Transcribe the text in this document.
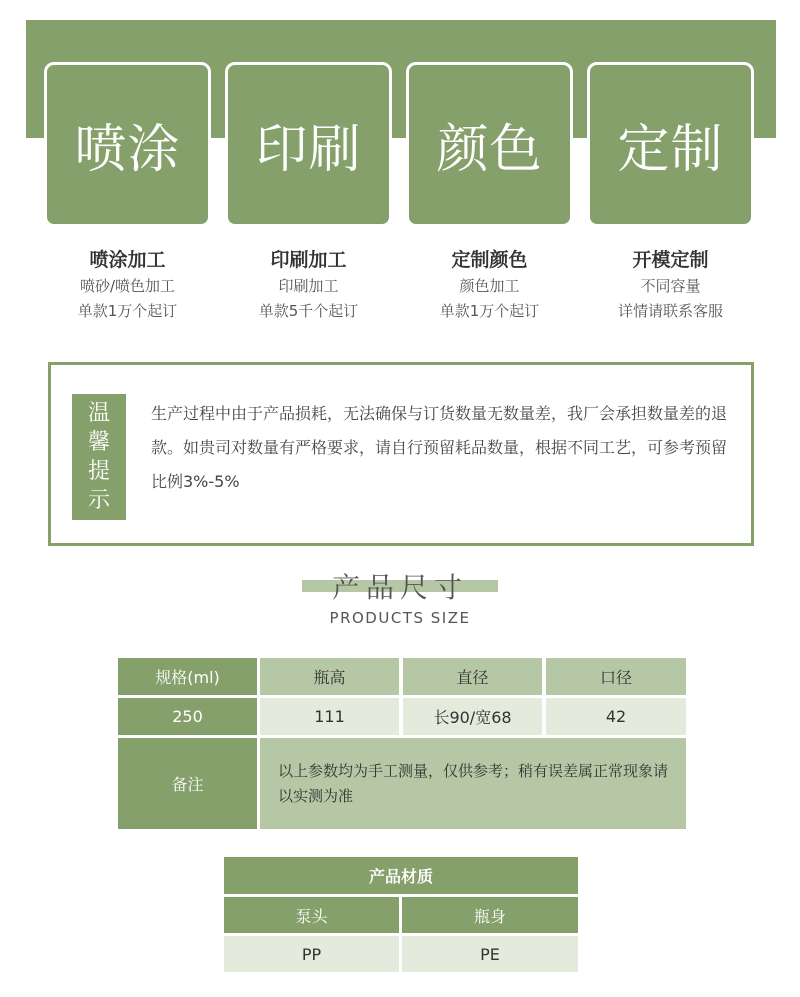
喷涂 印刷 颜色 定制
喷涂加工
喷砂/喷色加工
单款1万个起订
印刷加工
印刷加工
单款5千个起订
定制颜色
颜色加工
单款1万个起订
开模定制
不同容量
详情请联系客服
温
馨
提
示
生产过程中由于产品损耗，无法确保与订货数量无数量差，我厂会承担数量差的退款。如贵司对数量有严格要求，请自行预留耗品数量，根据不同工艺，可参考预留比例3%-5%
产品尺寸
PRODUCTS SIZE
规格(ml)	瓶高	直径	口径
250	111	长90/宽68	42
备注
以上参数均为手工测量，仅供参考；稍有误差属正常现象请以实测为准
产品材质
泵头	瓶身
PP	PE
